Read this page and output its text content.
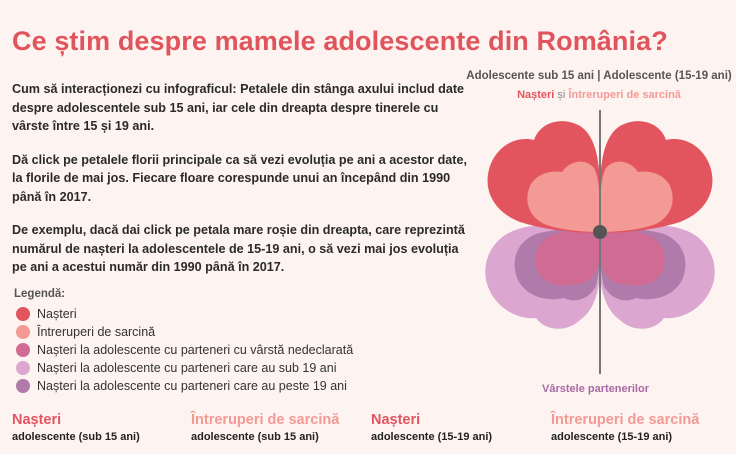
Ce știm despre mamele adolescente din România?

Cum să interacționezi cu infograficul: Petalele din stânga axului includ date despre adolescentele sub 15 ani, iar cele din dreapta despre tinerele cu vârste între 15 și 19 ani.

Dă click pe petalele florii principale ca să vezi evoluția pe ani a acestor date, la florile de mai jos. Fiecare floare corespunde unui an începând din 1990 până în 2017.

De exemplu, dacă dai click pe petala mare roșie din dreapta, care reprezintă numărul de nașteri la adolescentele de 15-19 ani, o să vezi mai jos evoluția pe ani a acestui număr din 1990 până în 2017.

Legendă:
Nașteri
Întreruperi de sarcină
Nașteri la adolescente cu parteneri cu vârstă nedeclarată
Nașteri la adolescente cu parteneri care au sub 19 ani
Nașteri la adolescente cu parteneri care au peste 19 ani
Adolescente sub 15 ani | Adolescente (15-19 ani)
Nașteri și Întreruperi de sarcină
Vârstele partenerilor
Nașteri
adolescente (sub 15 ani)
Întreruperi de sarcină
adolescente (sub 15 ani)
Nașteri
adolescente (15-19 ani)
Întreruperi de sarcină
adolescente (15-19 ani)
